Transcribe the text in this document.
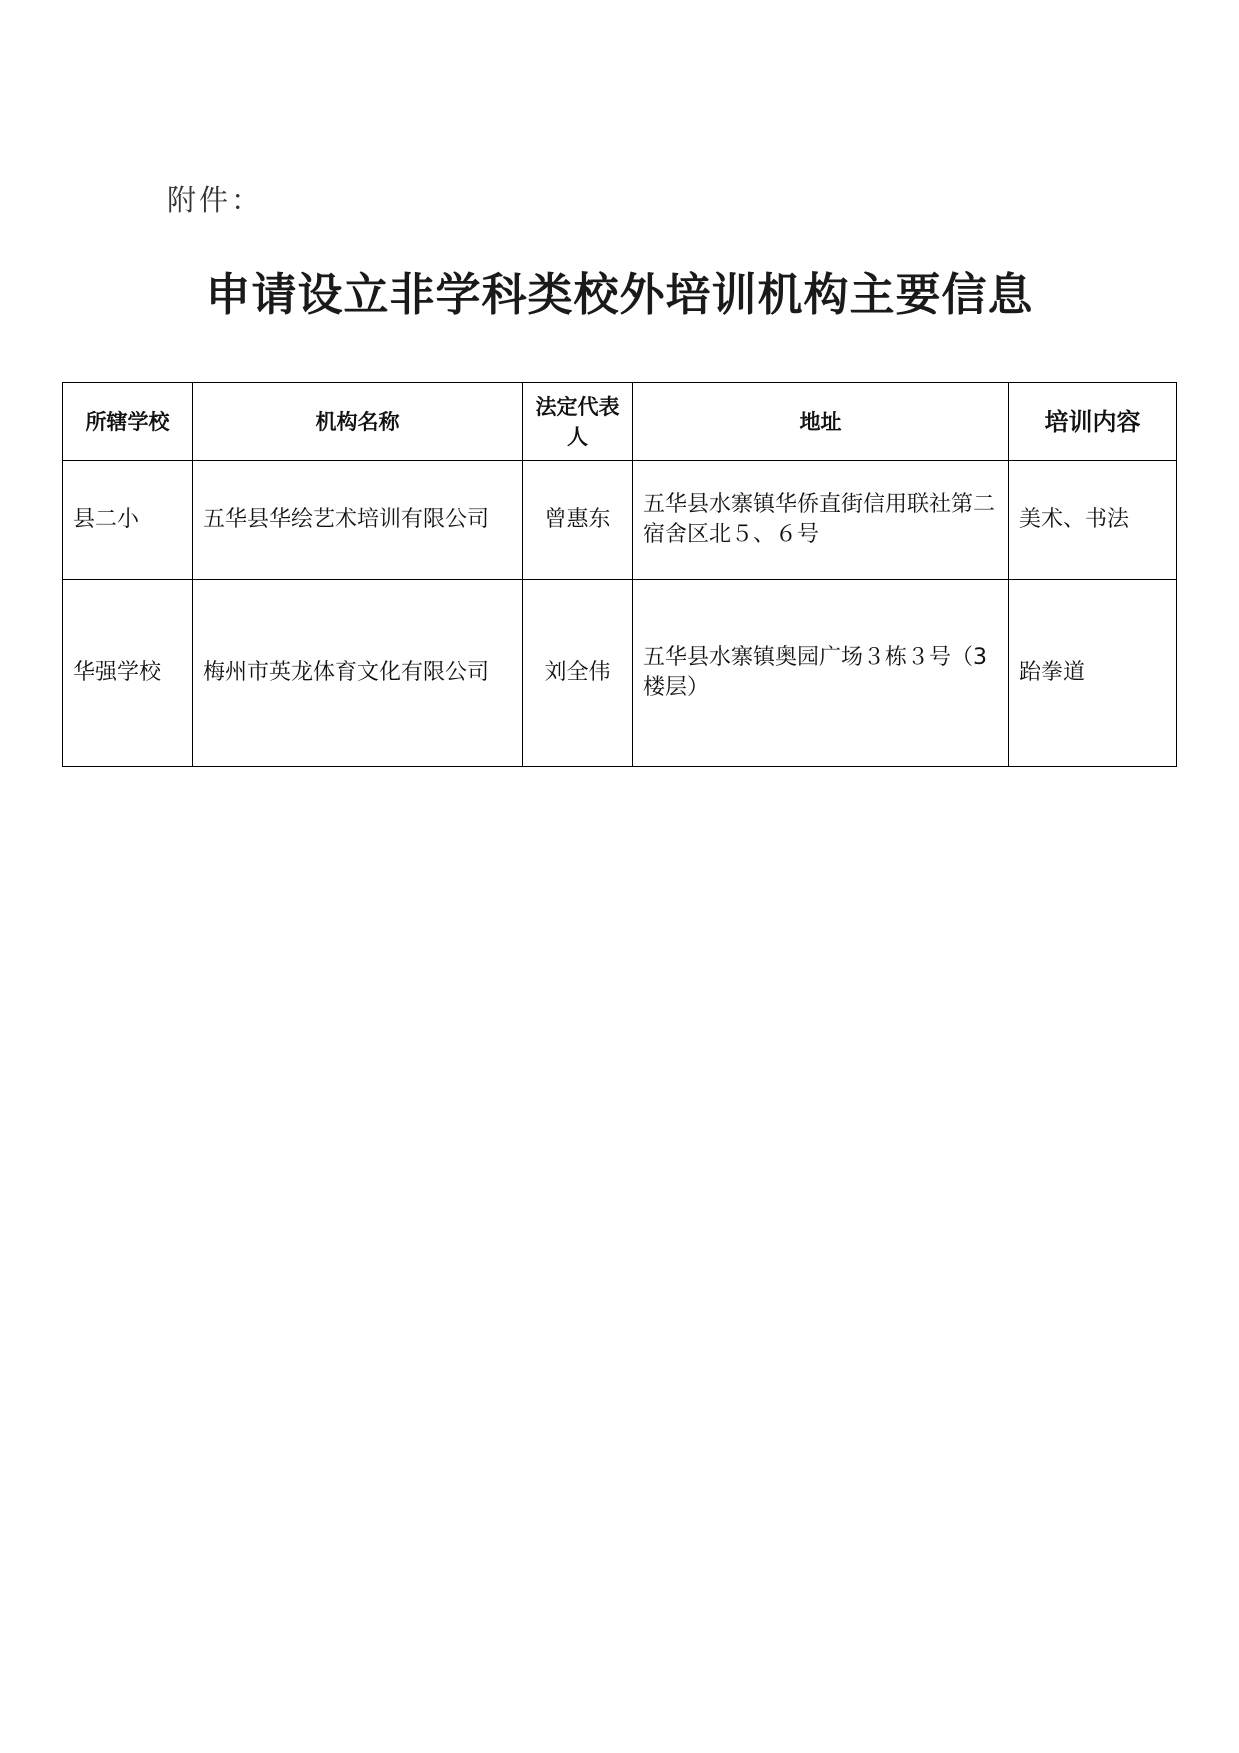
附件：
申请设立非学科类校外培训机构主要信息
所辖学校	机构名称	法定代表人	地址	培训内容
县二小	五华县华绘艺术培训有限公司	曾惠东	五华县水寨镇华侨直街信用联社第二宿舍区北５、６号	美术、书法
华强学校	梅州市英龙体育文化有限公司	刘全伟	五华县水寨镇奥园广场３栋３号（3楼层）	跆拳道
